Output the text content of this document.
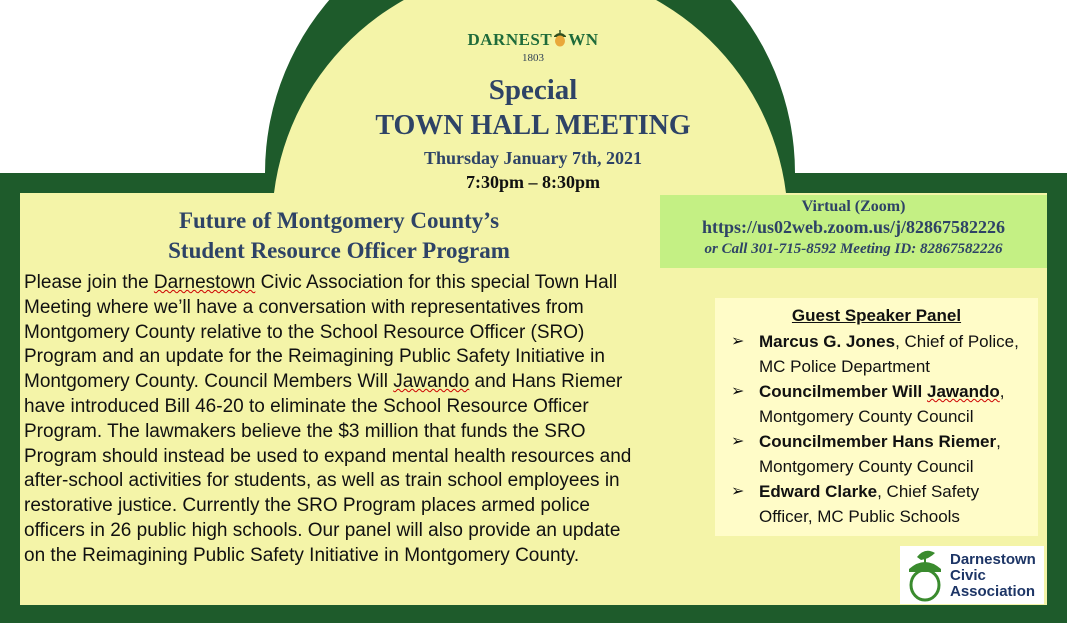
DARNEST WN
1803
Special
TOWN HALL MEETING
Thursday January 7th, 2021
7:30pm – 8:30pm
Future of Montgomery County’s
Student Resource Officer Program
Virtual (Zoom)
https://us02web.zoom.us/j/82867582226
or Call 301-715-8592 Meeting ID: 82867582226
Please join the Darnestown Civic Association for this special Town Hall
Meeting where we’ll have a conversation with representatives from
Montgomery County relative to the School Resource Officer (SRO)
Program and an update for the Reimagining Public Safety Initiative in
Montgomery County. Council Members Will Jawando and Hans Riemer
have introduced Bill 46-20 to eliminate the School Resource Officer
Program. The lawmakers believe the $3 million that funds the SRO
Program should instead be used to expand mental health resources and
after-school activities for students, as well as train school employees in
restorative justice. Currently the SRO Program places armed police
officers in 26 public high schools. Our panel will also provide an update
on the Reimagining Public Safety Initiative in Montgomery County.
Guest Speaker Panel
➢ Marcus G. Jones, Chief of Police,
MC Police Department
➢ Councilmember Will Jawando,
Montgomery County Council
➢ Councilmember Hans Riemer,
Montgomery County Council
➢ Edward Clarke, Chief Safety
Officer, MC Public Schools
Darnestown
Civic
Association
